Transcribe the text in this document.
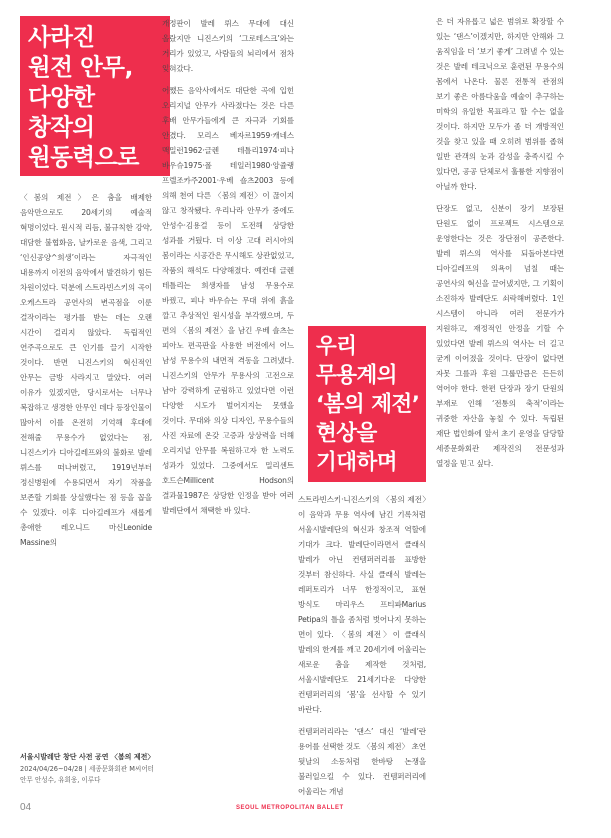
사라진
원전 안무,
다양한
창작의
원동력으로

〈봄의 제전〉은 춤을 배제한 음악만으로도 20세기의 예술적 혁명이었다. 원시적 리듬, 불규칙한 강약, 대담한 불협화음, 날카로운 음색, 그리고 ‘인신공양^희생’이라는 자극적인 내용까지 이전의 음악에서 발견하기 힘든 차원이었다. 덕분에 스트라빈스키의 곡이 오케스트라 공연사의 변곡점을 이룬 걸작이라는 평가를 받는 데는 오랜 시간이 걸리지 않았다. 독립적인 연주곡으로도 큰 인기를 끌기 시작한 것이다. 반면 니진스키의 혁신적인 안무는 금방 사라지고 말았다. 여러 이유가 있겠지만, 당시로서는 너무나 복잡하고 생경한 안무인 데다 등장인물이 많아서 이를 온전히 기억해 후대에 전해줄 무용수가 없었다는 점, 니진스키가 디아길레프와의 불화로 발레 뤼스를 떠나버렸고, 1919년부터 정신병원에 수용되면서 자기 작품을 보존할 기회를 상실했다는 점 등을 꼽을 수 있겠다. 이후 디아길레프가 새롭게 총애한 레오니드 마신Leonide Massine의

개정판이 발레 뤼스 무대에 대신 올랐지만 니진스키의 ‘그로테스크’와는 거리가 있었고, 사람들의 뇌리에서 점차 잊혀갔다.

어쨌든 음악사에서도 대단한 곡에 입힌 오리지널 안무가 사라졌다는 것은 다른 후배 안무가들에게 큰 자극과 기회를 안겼다. 모리스 베자르1959·캐네스 맥밀런1962·글렌 테틀리1974·피나 바우슈1975·폴 테일러1980·앙쥴랭 프렐조카주2001·우베 숄츠2003 등에 의해 천여 다른 〈봄의 제전〉이 끊이지 않고 창작됐다. 우리나라 안무가 중에도 안성수·김용걸 등이 도전해 상당한 성과를 거뒀다. 더 이상 고대 러시아의 봄이라는 시공간은 무시해도 상관없었고, 작품의 해석도 다양해졌다. 예컨대 글렌 테틀리는 희생자를 남성 무용수로 바꿨고, 피나 바우슈는 무대 위에 흙을 깔고 추상적인 원시성을 부각했으며, 두 편의 〈봄의 제전〉을 남긴 우베 숄츠는 피아노 편곡판을 사용한 버전에서 어느 남성 무용수의 내면적 격동을 그려냈다. 니진스키의 안무가 무용사의 고전으로 남아 강력하게 군림하고 있었다면 이런 다양한 시도가 벌어지지는 못했을 것이다. 무대와 의상 디자인, 무용수들의 사진 자료에 온갖 고증과 상상력을 더해 오리지널 안무를 복원하고자 한 노력도 성과가 있었다. 그중에서도 밀리센트 호드슨Millicent Hodson의 결과물1987은 상당한 인정을 받아 여러 발레단에서 채택한 바 있다.

우리
무용계의
‘봄의 제전’
현상을
기대하며

스트라빈스키·니진스키의 〈봄의 제전〉이 음악과 무용 역사에 남긴 기록처럼 서울시발레단의 혁신과 창조적 역할에 기대가 크다. 발레단이라면서 클래식 발레가 아닌 컨템퍼러리를 표방한 것부터 참신하다. 사실 클래식 발레는 레퍼토리가 너무 한정적이고, 표현 방식도 마리우스 프티파Marius Petipa의 틀을 좀처럼 벗어나지 못하는 면이 있다. 〈봄의 제전〉이 클래식 발레의 한계를 깨고 20세기에 어울리는 새로운 춤을 제작한 것처럼, 서울시발레단도 21세기다운 다양한 컨템퍼러리의 ‘봄’을 선사할 수 있기 바란다.

컨템퍼러리라는 ‘댄스’ 대신 ‘발레’란 용어를 선택한 것도 〈봄의 제전〉 초연 뒷날의 소동처럼 한바탕 논쟁을 불러일으킬 수 있다. 컨템퍼러리에 어울리는 개념

은 더 자유롭고 넓은 범위로 확장할 수 있는 ‘댄스’이겠지만, 하지만 안해와 그 움직임을 더 ‘보기 좋게’ 그려낼 수 있는 것은 발레 테크닉으로 훈련된 무용수의 몸에서 나온다. 물론 전통적 관점의 보기 좋은 아름다움을 예술이 추구하는 미학의 유일한 목표라고 할 수는 없을 것이다. 하지만 모두가 좀 더 개방적인 것을 찾고 있을 때 오히려 범위를 좁혀 일반 관객의 눈과 감성을 충족시킬 수 있다면, 공공 단체로서 훌륭한 지향점이 아닐까 한다.

단장도 없고, 신분이 장기 보장된 단원도 없이 프로젝트 시스템으로 운영한다는 것은 장단점이 공존한다. 발레 뤼스의 역사를 되돌아본다면 디아길레프의 의욕이 넘칠 때는 공연사의 혁신을 끌어냈지만, 그 기획이 소진하자 발레단도 쇠락해버렸다. 1인 시스템이 아니라 여러 전문가가 지원하고, 재정적인 안정을 기할 수 있었다면 발레 뤼스의 역사는 더 길고 굳게 이어졌을 것이다. 단장이 없다면 자못 그를과 후원 그룹만큼은 든든히 역어야 한다. 한편 단장과 장기 단원의 부재로 인해 ‘전통의 축적’이라는 귀중한 자산을 놓칠 수 있다. 독립된 재단 법인화에 앞서 초기 운영을 담당할 세종문화회관 제작진의 전문성과 열정을 믿고 싶다.

서울시발레단 창단 사전 공연 〈봄의 제전〉
2024/04/26~04/28 | 세종문화회관 M씨어터
안무 안성수, 유회웅, 이루다
04	SEOUL METROPOLITAN BALLET
